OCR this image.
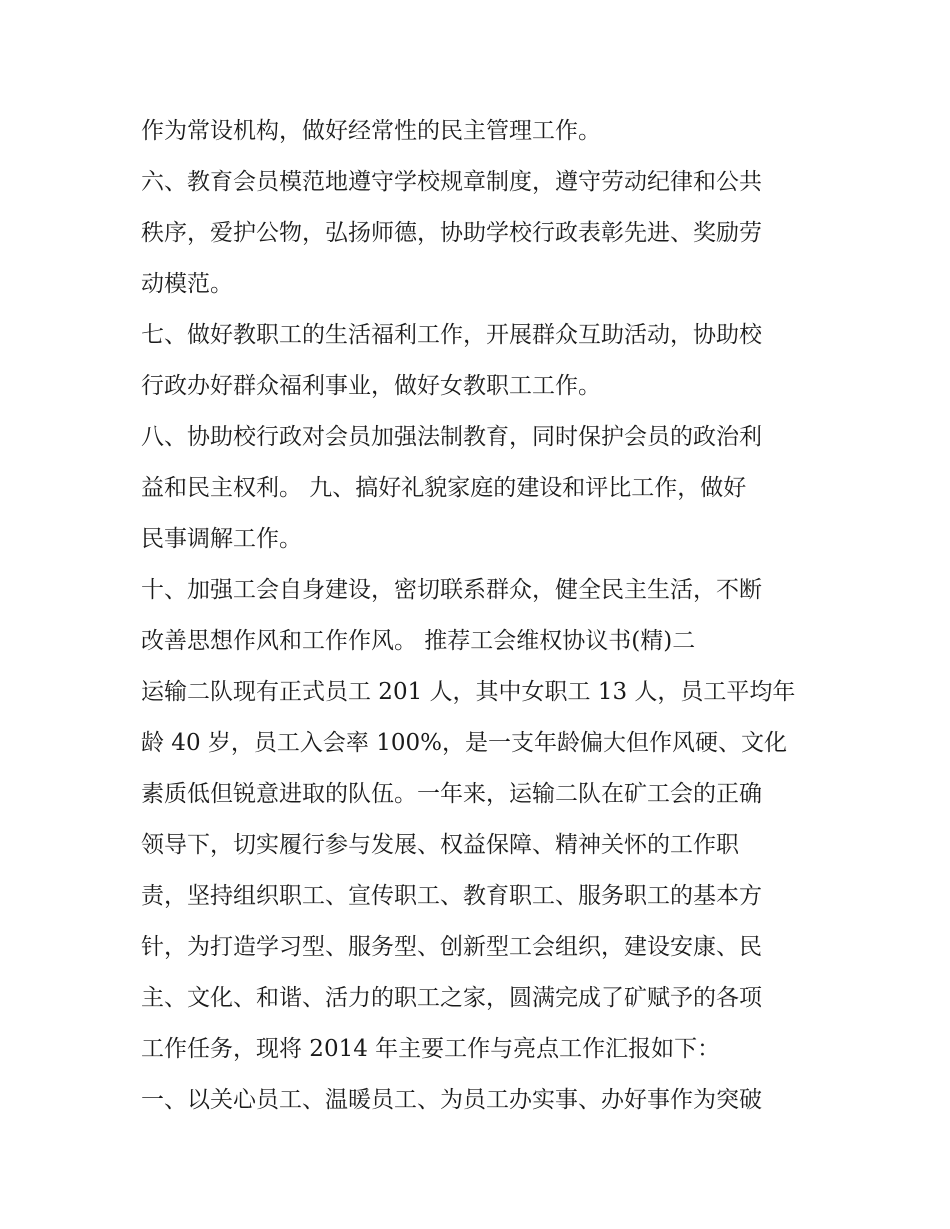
作为常设机构，做好经常性的民主管理工作。
六、教育会员模范地遵守学校规章制度，遵守劳动纪律和公共
秩序，爱护公物，弘扬师德，协助学校行政表彰先进、奖励劳
动模范。
七、做好教职工的生活福利工作，开展群众互助活动，协助校
行政办好群众福利事业，做好女教职工工作。
八、协助校行政对会员加强法制教育，同时保护会员的政治利
益和民主权利。 九、搞好礼貌家庭的建设和评比工作，做好
民事调解工作。
十、加强工会自身建设，密切联系群众，健全民主生活，不断
改善思想作风和工作作风。 推荐工会维权协议书(精)二
运输二队现有正式员工 201 人，其中女职工 13 人，员工平均年
龄 40 岁，员工入会率 100%，是一支年龄偏大但作风硬、文化
素质低但锐意进取的队伍。一年来，运输二队在矿工会的正确
领导下，切实履行参与发展、权益保障、精神关怀的工作职
责，坚持组织职工、宣传职工、教育职工、服务职工的基本方
针，为打造学习型、服务型、创新型工会组织，建设安康、民
主、文化、和谐、活力的职工之家，圆满完成了矿赋予的各项
工作任务，现将 2014 年主要工作与亮点工作汇报如下：
一、以关心员工、温暖员工、为员工办实事、办好事作为突破
